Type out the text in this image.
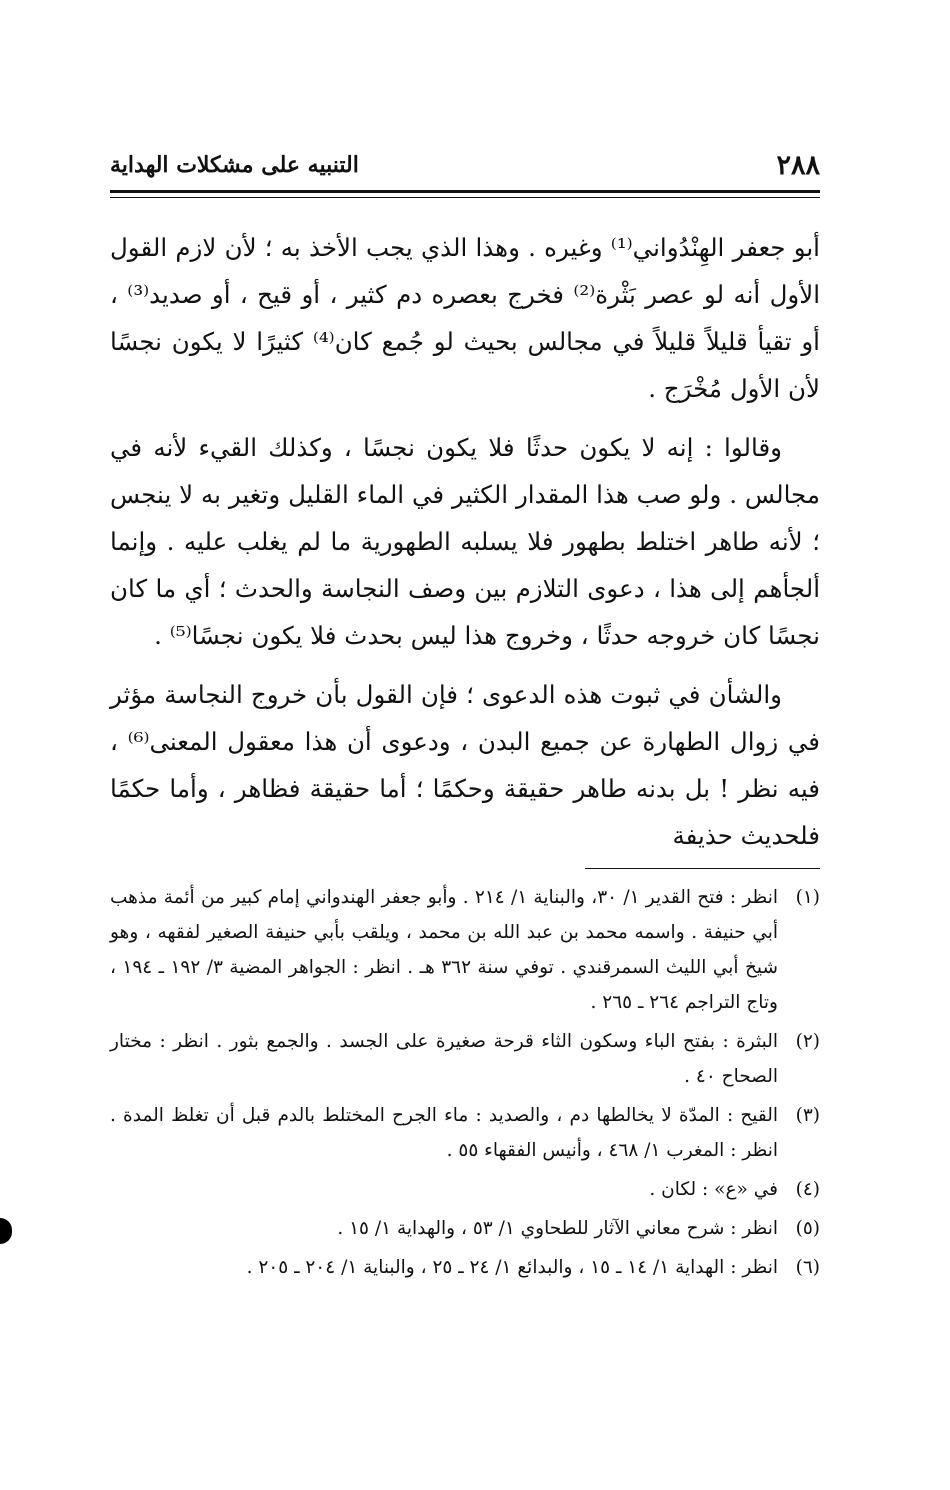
٢٨٨
التنبيه على مشكلات الهداية

أبو جعفر الهِنْدُواني⁽¹⁾ وغيره . وهذا الذي يجب الأخذ به ؛ لأن لازم القول الأول أنه لو عصر بَثْرة⁽²⁾ فخرج بعصره دم كثير ، أو قيح ، أو صديد⁽³⁾ ، أو تقيأ قليلاً قليلاً في مجالس بحيث لو جُمع كان⁽⁴⁾ كثيرًا لا يكون نجسًا لأن الأول مُخْرَج .

وقالوا : إنه لا يكون حدثًا فلا يكون نجسًا ، وكذلك القيء لأنه في مجالس . ولو صب هذا المقدار الكثير في الماء القليل وتغير به لا ينجس ؛ لأنه طاهر اختلط بطهور فلا يسلبه الطهورية ما لم يغلب عليه . وإنما ألجأهم إلى هذا ، دعوى التلازم بين وصف النجاسة والحدث ؛ أي ما كان نجسًا كان خروجه حدثًا ، وخروج هذا ليس بحدث فلا يكون نجسًا⁽⁵⁾ .

والشأن في ثبوت هذه الدعوى ؛ فإن القول بأن خروج النجاسة مؤثر في زوال الطهارة عن جميع البدن ، ودعوى أن هذا معقول المعنى⁽⁶⁾ ، فيه نظر ! بل بدنه طاهر حقيقة وحكمًا ؛ أما حقيقة فظاهر ، وأما حكمًا فلحديث حذيفة

(١)
انظر : فتح القدير ١/ ٣٠، والبناية ١/ ٢١٤ . وأبو جعفر الهندواني إمام كبير من أئمة مذهب أبي حنيفة . واسمه محمد بن عبد الله بن محمد ، ويلقب بأبي حنيفة الصغير لفقهه ، وهو شيخ أبي الليث السمرقندي . توفي سنة ٣٦٢ هـ . انظر : الجواهر المضية ٣/ ١٩٢ ـ ١٩٤ ، وتاج التراجم ٢٦٤ ـ ٢٦٥ .
(٢)
البثرة : بفتح الباء وسكون الثاء قرحة صغيرة على الجسد . والجمع بثور . انظر : مختار الصحاح ٤٠ .
(٣)
القيح : المدّة لا يخالطها دم ، والصديد : ماء الجرح المختلط بالدم قبل أن تغلظ المدة . انظر : المغرب ١/ ٤٦٨ ، وأنيس الفقهاء ٥٥ .
(٤)
في «ع» : لكان .
(٥)
انظر : شرح معاني الآثار للطحاوي ١/ ٥٣ ، والهداية ١/ ١٥ .
(٦)
انظر : الهداية ١/ ١٤ ـ ١٥ ، والبدائع ١/ ٢٤ ـ ٢٥ ، والبناية ١/ ٢٠٤ ـ ٢٠٥ .
